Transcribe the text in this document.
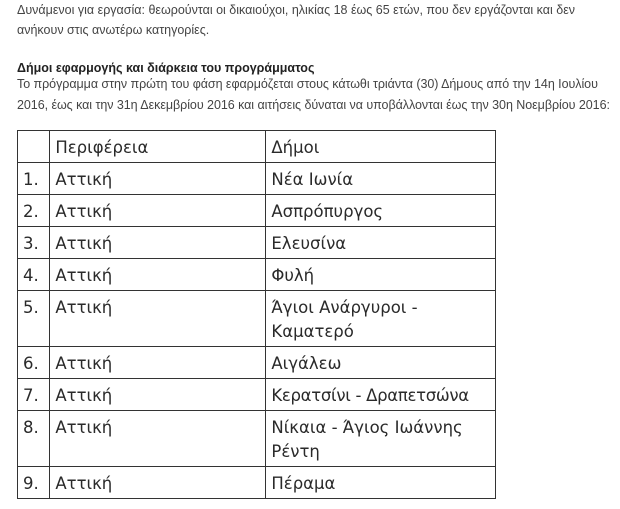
Δυνάμενοι για εργασία: θεωρούνται οι δικαιούχοι, ηλικίας 18 έως 65 ετών, που δεν εργάζονται και δεν ανήκουν στις ανωτέρω κατηγορίες.

Δήμοι εφαρμογής και διάρκεια του προγράμματος

Το πρόγραμμα στην πρώτη του φάση εφαρμόζεται στους κάτωθι τριάντα (30) Δήμους από την 14η Ιουλίου 2016, έως και την 31η Δεκεμβρίου 2016 και αιτήσεις δύναται να υποβάλλονται έως την 30η Νοεμβρίου 2016:

	Περιφέρεια	Δήμοι
1.	Αττική	Νέα Ιωνία
2.	Αττική	Ασπρόπυργος
3.	Αττική	Ελευσίνα
4.	Αττική	Φυλή
5.	Αττική	Άγιοι Ανάργυροι - Καματερό
6.	Αττική	Αιγάλεω
7.	Αττική	Κερατσίνι - Δραπετσώνα
8.	Αττική	Νίκαια - Άγιος Ιωάννης Ρέντη
9.	Αττική	Πέραμα
